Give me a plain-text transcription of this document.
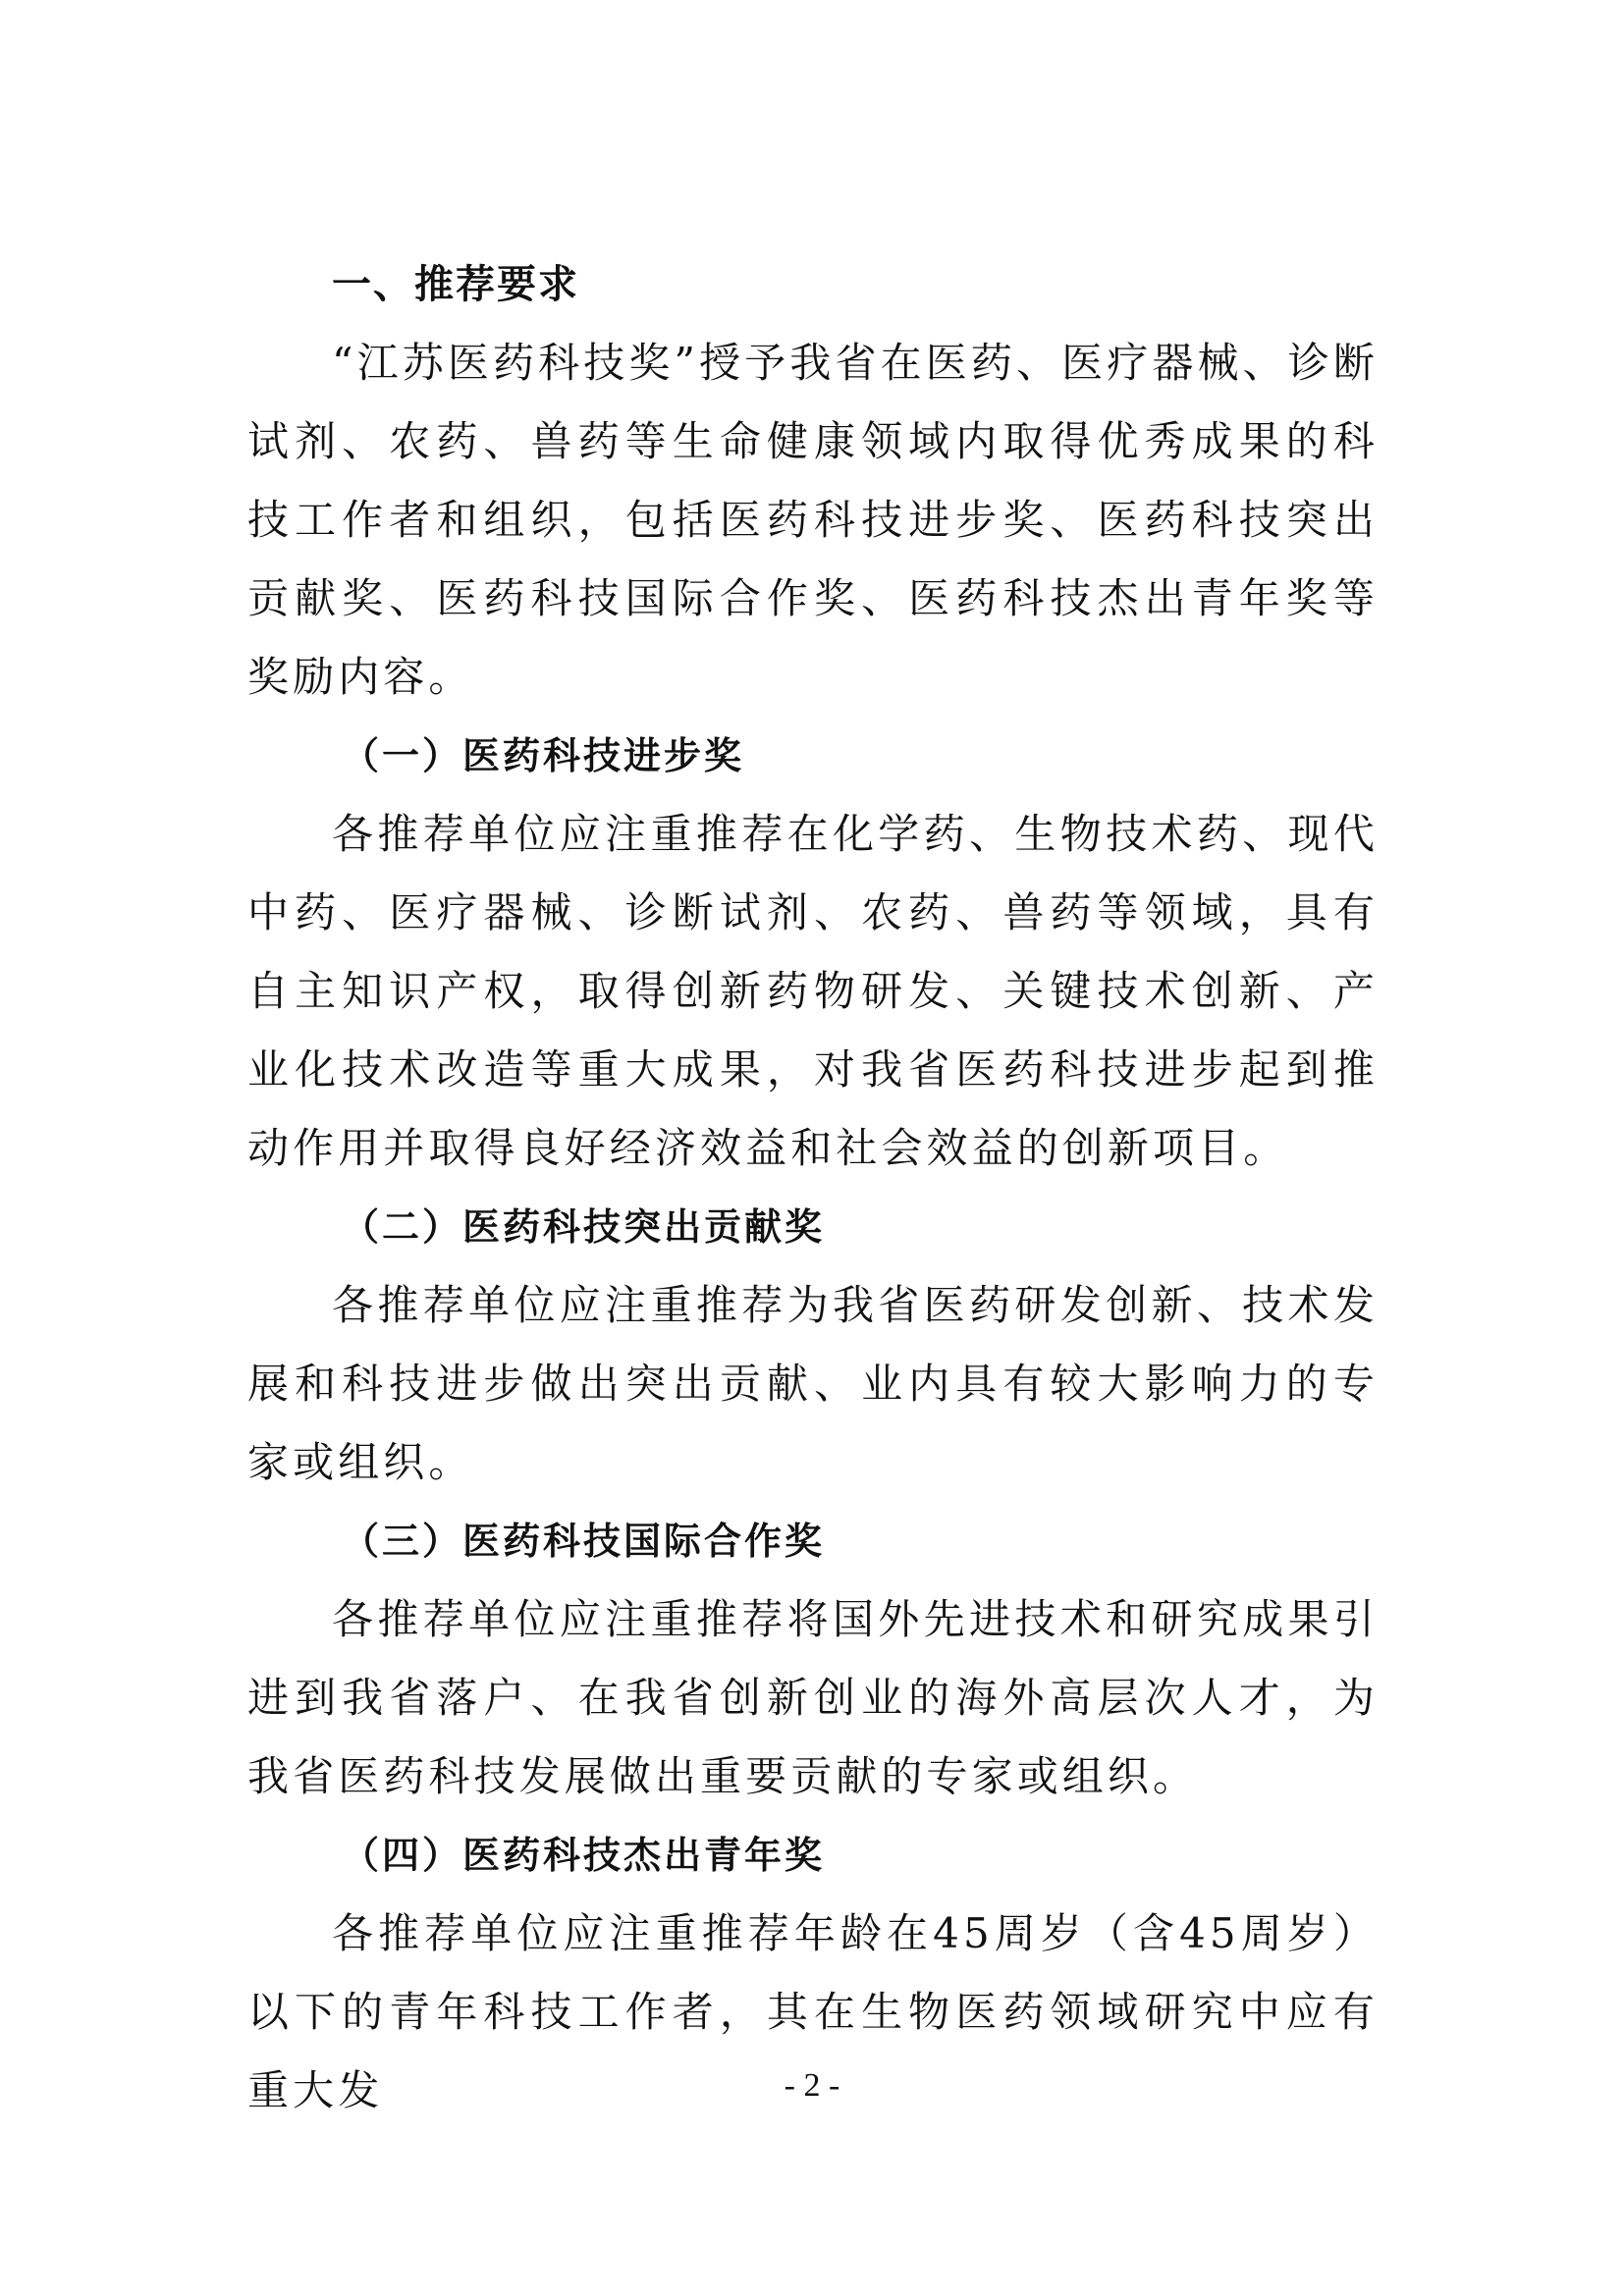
一、推荐要求

“江苏医药科技奖”授予我省在医药、医疗器械、诊断试剂、农药、兽药等生命健康领域内取得优秀成果的科技工作者和组织，包括医药科技进步奖、医药科技突出贡献奖、医药科技国际合作奖、医药科技杰出青年奖等奖励内容。

（一）医药科技进步奖

各推荐单位应注重推荐在化学药、生物技术药、现代中药、医疗器械、诊断试剂、农药、兽药等领域，具有自主知识产权，取得创新药物研发、关键技术创新、产业化技术改造等重大成果，对我省医药科技进步起到推动作用并取得良好经济效益和社会效益的创新项目。

（二）医药科技突出贡献奖

各推荐单位应注重推荐为我省医药研发创新、技术发展和科技进步做出突出贡献、业内具有较大影响力的专家或组织。

（三）医药科技国际合作奖

各推荐单位应注重推荐将国外先进技术和研究成果引进到我省落户、在我省创新创业的海外高层次人才，为我省医药科技发展做出重要贡献的专家或组织。

（四）医药科技杰出青年奖

各推荐单位应注重推荐年龄在45周岁（含45周岁）以下的青年科技工作者，其在生物医药领域研究中应有重大发	- 2 -
